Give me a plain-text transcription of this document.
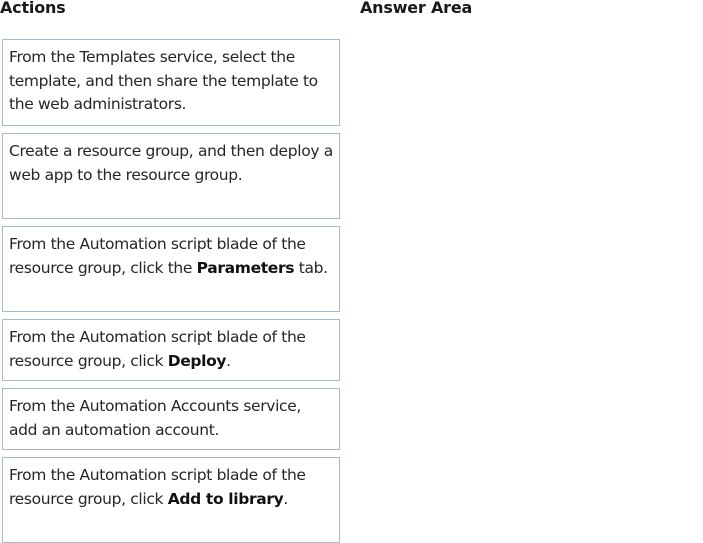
Actions	Answer Area
From the Templates service, select the template, and then share the template to the web administrators.
Create a resource group, and then deploy a web app to the resource group.
From the Automation script blade of the resource group, click the Parameters tab.
From the Automation script blade of the resource group, click Deploy.
From the Automation Accounts service, add an automation account.
From the Automation script blade of the resource group, click Add to library.
